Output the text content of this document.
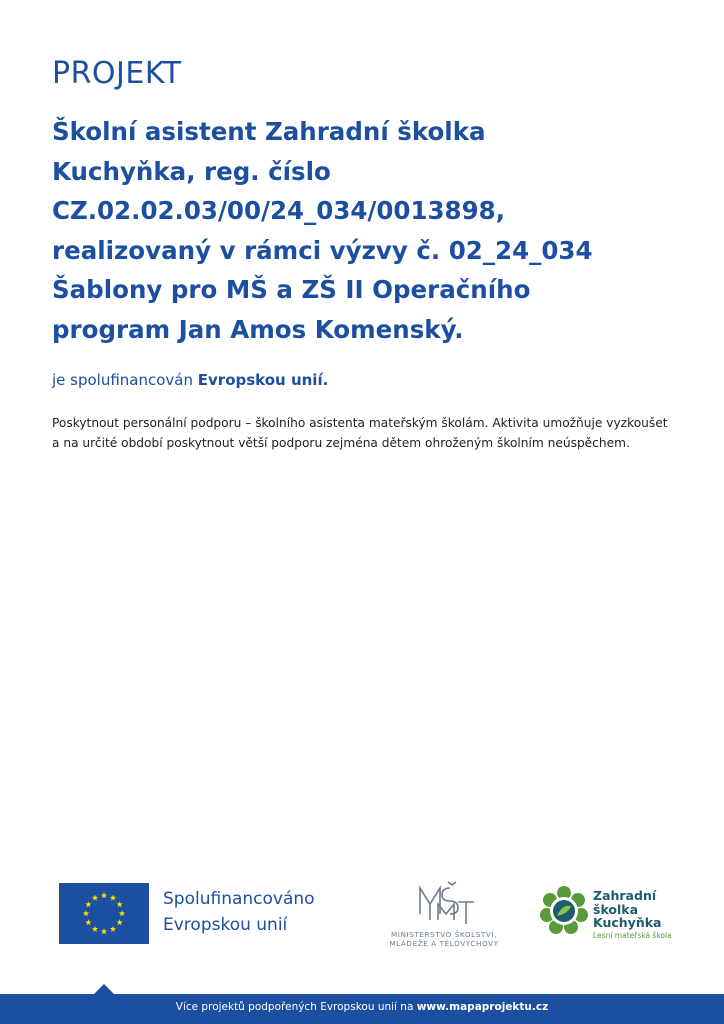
PROJEKT
Školní asistent Zahradní školka
Kuchyňka, reg. číslo
CZ.02.02.03/00/24_034/0013898,
realizovaný v rámci výzvy č. 02_24_034
Šablony pro MŠ a ZŠ II Operačního
program Jan Amos Komenský.
je spolufinancován Evropskou unií.
Poskytnout personální podporu – školního asistenta mateřským školám. Aktivita umožňuje vyzkoušet a na určité období poskytnout větší podporu zejména dětem ohroženým školním neúspěchem.
Spolufinancováno
Evropskou unií	MINISTERSTVO ŠKOLSTVÍ,
MLÁDEŽE A TĚLOVÝCHOVY
Zahradní
školka
Kuchyňka
Lesní mateřská škola
Více projektů podpořených Evropskou unií na www.mapaprojektu.cz
